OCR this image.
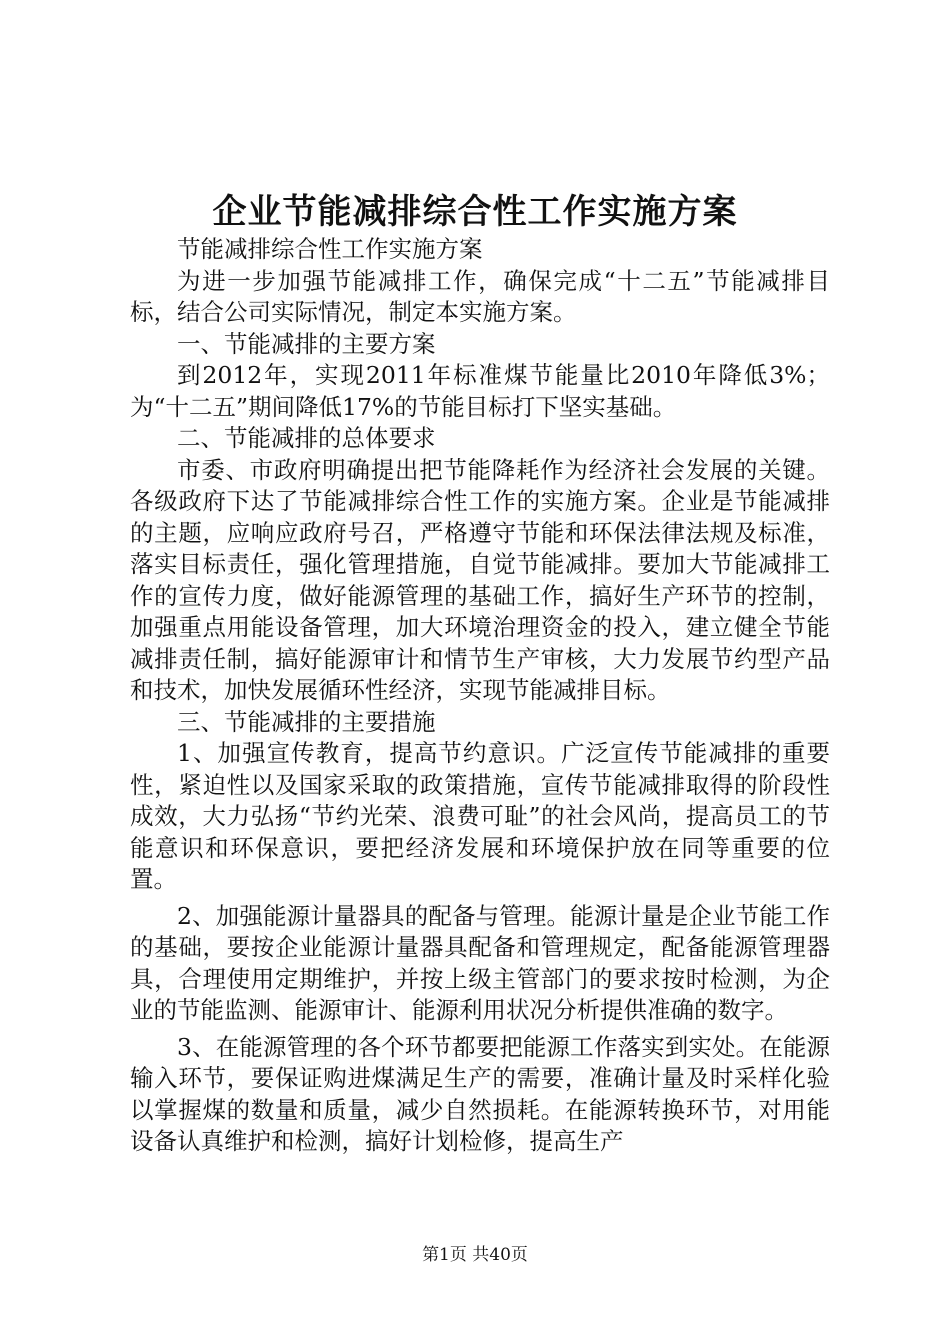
企业节能减排综合性工作实施方案

节能减排综合性工作实施方案

为进一步加强节能减排工作，确保完成“十二五”节能减排目标，结合公司实际情况，制定本实施方案。

一、节能减排的主要方案

到2012年，实现2011年标准煤节能量比2010年降低3%；为“十二五”期间降低17%的节能目标打下坚实基础。

二、节能减排的总体要求

市委、市政府明确提出把节能降耗作为经济社会发展的关键。各级政府下达了节能减排综合性工作的实施方案。企业是节能减排的主题，应响应政府号召，严格遵守节能和环保法律法规及标准，落实目标责任，强化管理措施，自觉节能减排。要加大节能减排工作的宣传力度，做好能源管理的基础工作，搞好生产环节的控制，加强重点用能设备管理，加大环境治理资金的投入，建立健全节能减排责任制，搞好能源审计和情节生产审核，大力发展节约型产品和技术，加快发展循环性经济，实现节能减排目标。

三、节能减排的主要措施

1、加强宣传教育，提高节约意识。广泛宣传节能减排的重要性，紧迫性以及国家采取的政策措施，宣传节能减排取得的阶段性成效，大力弘扬“节约光荣、浪费可耻”的社会风尚，提高员工的节能意识和环保意识，要把经济发展和环境保护放在同等重要的位置。

2、加强能源计量器具的配备与管理。能源计量是企业节能工作的基础，要按企业能源计量器具配备和管理规定，配备能源管理器具，合理使用定期维护，并按上级主管部门的要求按时检测，为企业的节能监测、能源审计、能源利用状况分析提供准确的数字。

3、在能源管理的各个环节都要把能源工作落实到实处。在能源输入环节，要保证购进煤满足生产的需要，准确计量及时采样化验以掌握煤的数量和质量，减少自然损耗。在能源转换环节，对用能设备认真维护和检测，搞好计划检修，提高生产

第1页 共40页
